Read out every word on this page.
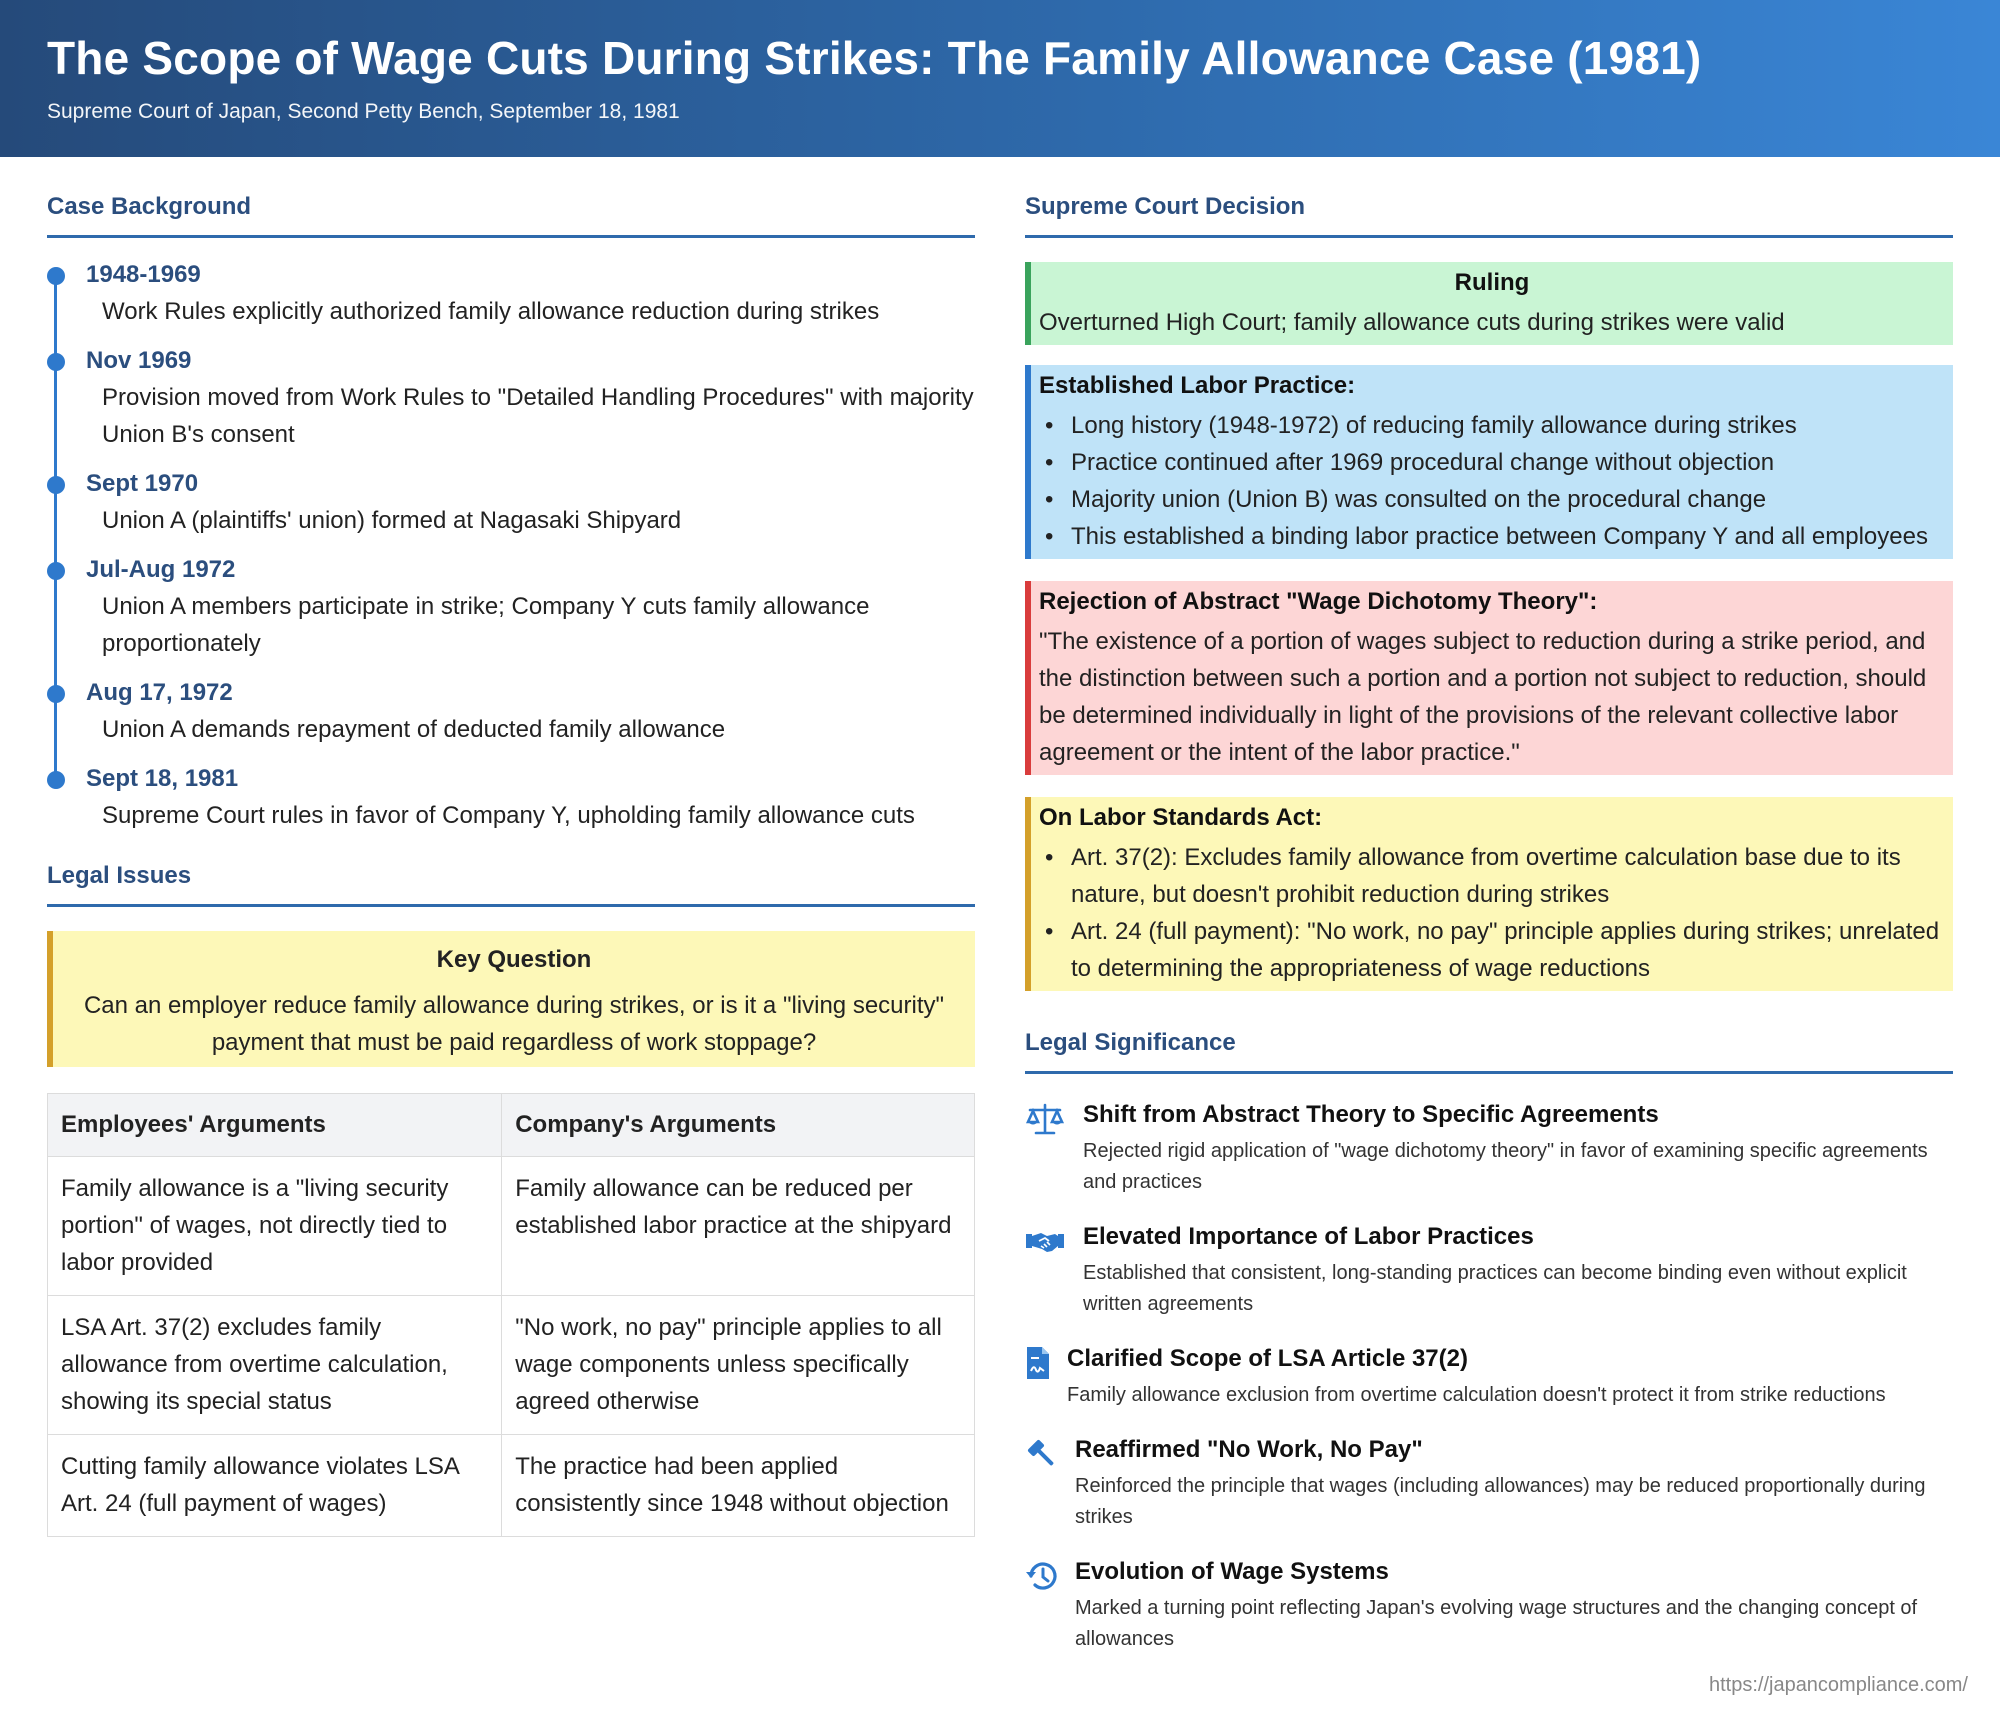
The Scope of Wage Cuts During Strikes: The Family Allowance Case (1981)
Supreme Court of Japan, Second Petty Bench, September 18, 1981
Case Background
1948-1969
Work Rules explicitly authorized family allowance reduction during strikes
Nov 1969
Provision moved from Work Rules to "Detailed Handling Procedures" with majority Union B's consent
Sept 1970
Union A (plaintiffs' union) formed at Nagasaki Shipyard
Jul-Aug 1972
Union A members participate in strike; Company Y cuts family allowance proportionately
Aug 17, 1972
Union A demands repayment of deducted family allowance
Sept 18, 1981
Supreme Court rules in favor of Company Y, upholding family allowance cuts
Legal Issues
Key Question
Can an employer reduce family allowance during strikes, or is it a "living security" payment that must be paid regardless of work stoppage?
Employees' Arguments	Company's Arguments
Family allowance is a "living security portion" of wages, not directly tied to labor provided	Family allowance can be reduced per established labor practice at the shipyard
LSA Art. 37(2) excludes family allowance from overtime calculation, showing its special status	"No work, no pay" principle applies to all wage components unless specifically agreed otherwise
Cutting family allowance violates LSA Art. 24 (full payment of wages)	The practice had been applied consistently since 1948 without objection
Supreme Court Decision
Ruling
Overturned High Court; family allowance cuts during strikes were valid
Established Labor Practice:
• Long history (1948-1972) of reducing family allowance during strikes
• Practice continued after 1969 procedural change without objection
• Majority union (Union B) was consulted on the procedural change
• This established a binding labor practice between Company Y and all employees
Rejection of Abstract "Wage Dichotomy Theory":
"The existence of a portion of wages subject to reduction during a strike period, and the distinction between such a portion and a portion not subject to reduction, should be determined individually in light of the provisions of the relevant collective labor agreement or the intent of the labor practice."
On Labor Standards Act:
• Art. 37(2): Excludes family allowance from overtime calculation base due to its nature, but doesn't prohibit reduction during strikes
• Art. 24 (full payment): "No work, no pay" principle applies during strikes; unrelated to determining the appropriateness of wage reductions
Legal Significance
Shift from Abstract Theory to Specific Agreements
Rejected rigid application of "wage dichotomy theory" in favor of examining specific agreements and practices
Elevated Importance of Labor Practices
Established that consistent, long-standing practices can become binding even without explicit written agreements
Clarified Scope of LSA Article 37(2)
Family allowance exclusion from overtime calculation doesn't protect it from strike reductions
Reaffirmed "No Work, No Pay"
Reinforced the principle that wages (including allowances) may be reduced proportionally during strikes
Evolution of Wage Systems
Marked a turning point reflecting Japan's evolving wage structures and the changing concept of allowances
https://japancompliance.com/
